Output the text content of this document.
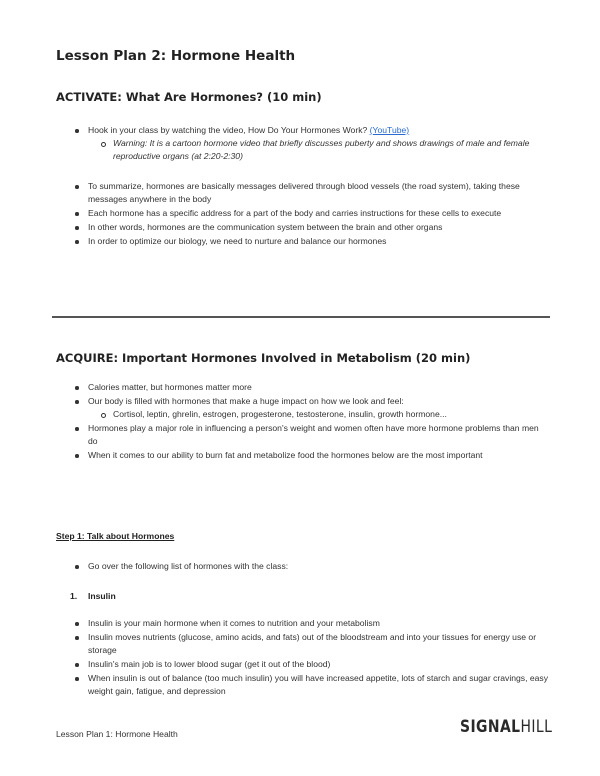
Lesson Plan 2: Hormone Health
ACTIVATE: What Are Hormones? (10 min)
Hook in your class by watching the video, How Do Your Hormones Work? (YouTube)
Warning: It is a cartoon hormone video that briefly discusses puberty and shows drawings of male and female reproductive organs (at 2:20-2:30)
To summarize, hormones are basically messages delivered through blood vessels (the road system), taking these messages anywhere in the body
Each hormone has a specific address for a part of the body and carries instructions for these cells to execute
In other words, hormones are the communication system between the brain and other organs
In order to optimize our biology, we need to nurture and balance our hormones
ACQUIRE: Important Hormones Involved in Metabolism (20 min)
Calories matter, but hormones matter more
Our body is filled with hormones that make a huge impact on how we look and feel:
Cortisol, leptin, ghrelin, estrogen, progesterone, testosterone, insulin, growth hormone...
Hormones play a major role in influencing a person's weight and women often have more hormone problems than men do
When it comes to our ability to burn fat and metabolize food the hormones below are the most important
Step 1: Talk about Hormones
Go over the following list of hormones with the class:
1. Insulin
Insulin is your main hormone when it comes to nutrition and your metabolism
Insulin moves nutrients (glucose, amino acids, and fats) out of the bloodstream and into your tissues for energy use or storage
Insulin's main job is to lower blood sugar (get it out of the blood)
When insulin is out of balance (too much insulin) you will have increased appetite, lots of starch and sugar cravings, easy weight gain, fatigue, and depression
Lesson Plan 1: Hormone Health	SIGNALHILL
